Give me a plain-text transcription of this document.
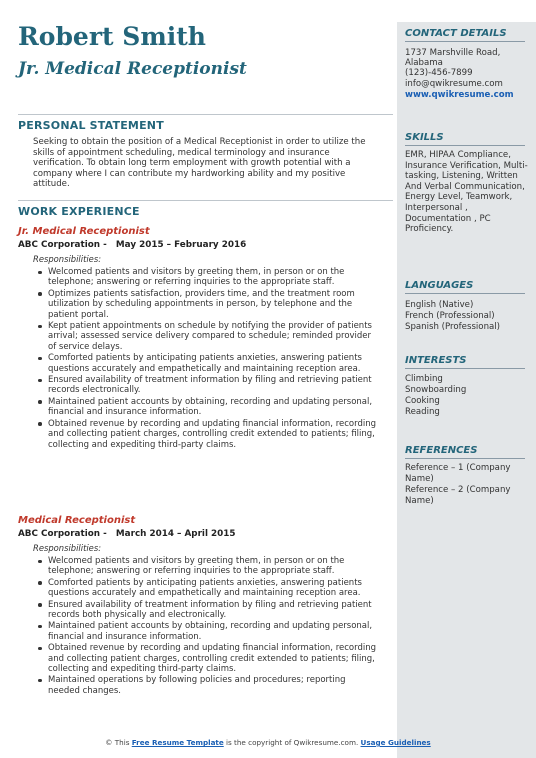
Robert Smith
Jr. Medical Receptionist
PERSONAL STATEMENT

Seeking to obtain the position of a Medical Receptionist in order to utilize the skills of appointment scheduling, medical terminology and insurance verification. To obtain long term employment with growth potential with a company where I can contribute my hardworking ability and my positive attitude.

WORK EXPERIENCE
Jr. Medical Receptionist
ABC Corporation -   May 2015 – February 2016
Responsibilities:
Welcomed patients and visitors by greeting them, in person or on the telephone; answering or referring inquiries to the appropriate staff.
Optimizes patients satisfaction, providers time, and the treatment room utilization by scheduling appointments in person, by telephone and the patient portal.
Kept patient appointments on schedule by notifying the provider of patients arrival; assessed service delivery compared to schedule; reminded provider of service delays.
Comforted patients by anticipating patients anxieties, answering patients questions accurately and empathetically and maintaining reception area.
Ensured availability of treatment information by filing and retrieving patient records electronically.
Maintained patient accounts by obtaining, recording and updating personal, financial and insurance information.
Obtained revenue by recording and updating financial information, recording and collecting patient charges, controlling credit extended to patients; filing, collecting and expediting third-party claims.
Medical Receptionist
ABC Corporation -   March 2014 – April 2015
Responsibilities:
Welcomed patients and visitors by greeting them, in person or on the telephone; answering or referring inquiries to the appropriate staff.
Comforted patients by anticipating patients anxieties, answering patients questions accurately and empathetically and maintaining reception area.
Ensured availability of treatment information by filing and retrieving patient records both physically and electronically.
Maintained patient accounts by obtaining, recording and updating personal, financial and insurance information.
Obtained revenue by recording and updating financial information, recording and collecting patient charges, controlling credit extended to patients; filing, collecting and expediting third-party claims.
Maintained operations by following policies and procedures; reporting needed changes.
CONTACT DETAILS
1737 Marshville Road,
Alabama
(123)-456-7899
info@qwikresume.com
www.qwikresume.com
SKILLS

EMR, HIPAA Compliance, Insurance Verification, Multi-tasking, Listening, Written And Verbal Communication, Energy Level, Teamwork, Interpersonal , Documentation , PC Proficiency.

LANGUAGES
English (Native)
French (Professional)
Spanish (Professional)
INTERESTS
Climbing
Snowboarding
Cooking
Reading
REFERENCES

Reference – 1 (Company Name)

Reference – 2 (Company Name)

© This Free Resume Template is the copyright of Qwikresume.com. Usage Guidelines
